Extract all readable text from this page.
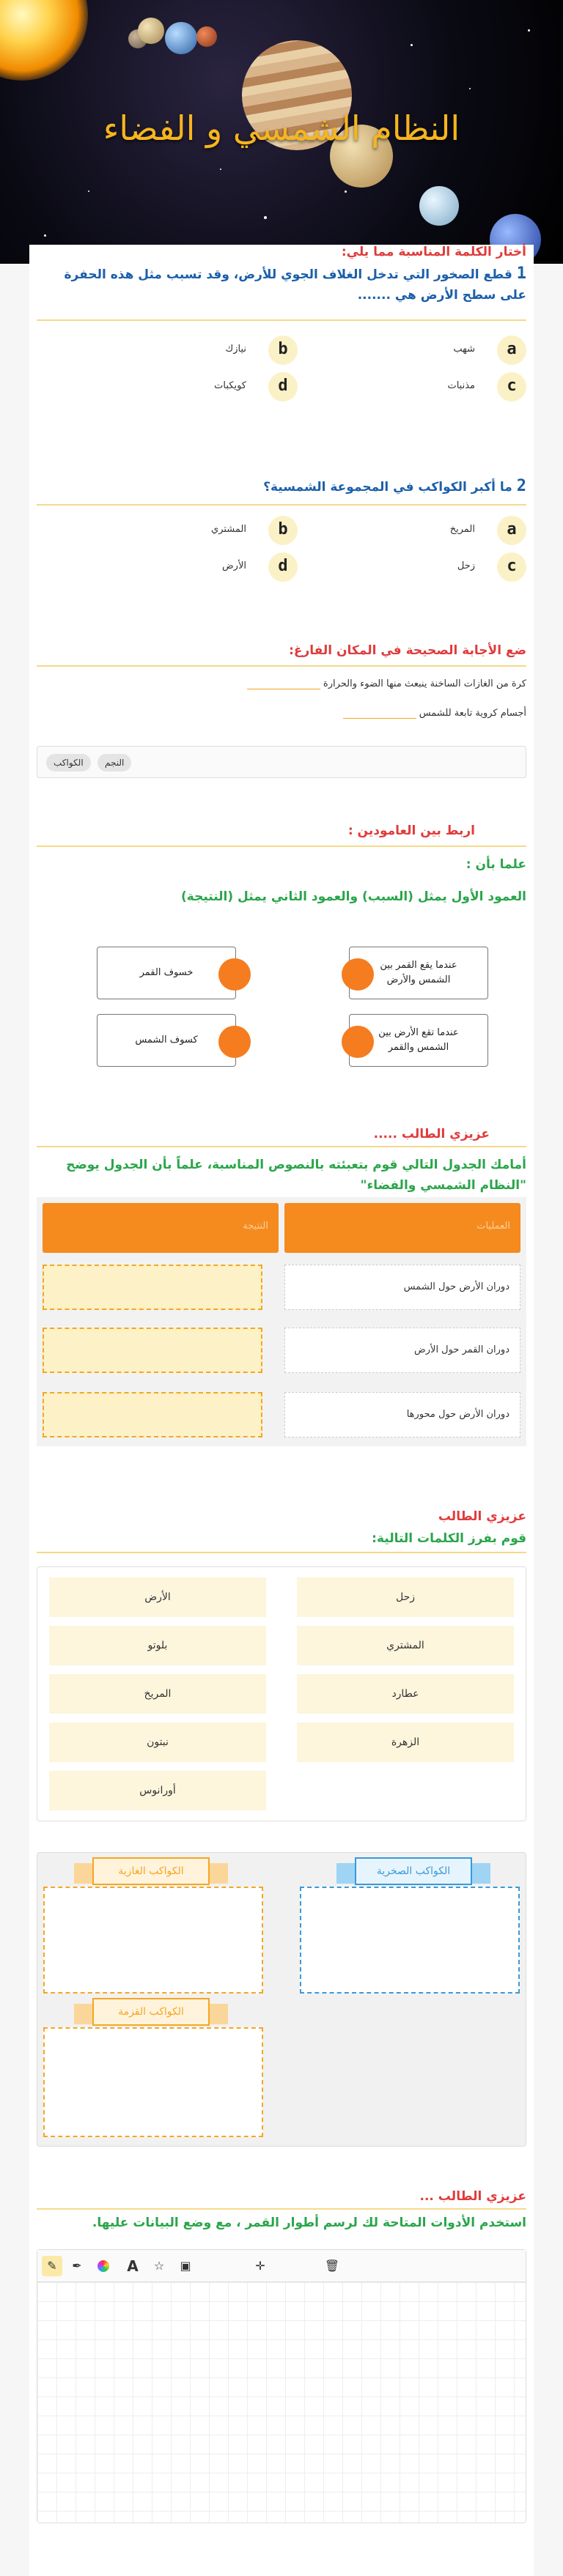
النظام الشمسي و الفضاء
أختار الكلمة المناسبة مما يلي:
1 قطع الصخور التي تدخل الغلاف الجوي للأرض، وقد تسبب مثل هذه الحفرة على سطح الأرض هي .......
a
شهب
b
نيازك
c
مذنبات
d
كويكبات
2 ما أكبر الكواكب في المجموعة الشمسية؟
a
المريخ
b
المشتري
c
زحل
d
الأرض
ضع الأجابة الصحيحة في المكان الفارغ:
كرة من الغازات الساخنة ينبعث منها الضوء والحرارة
أجسام كروية تابعة للشمس
الكواكب	النجم
اربط بين العامودين :
علما بأن :
العمود الأول يمثل (السبب) والعمود الثاني يمثل (النتيجة)
عندما يقع القمر بين الشمس والأرض
خسوف القمر
عندما تقع الأرض بين الشمس والقمر
كسوف الشمس
عزيزي الطالب .....
أمامك الجدول التالي قوم بتعبئته بالنصوص المناسبة، علماً بأن الجدول يوضح "النظام الشمسي والفضاء"
العمليات
النتيجة
دوران الأرض حول الشمس
دوران القمر حول الأرض
دوران الأرض حول محورها
عزيزي الطالب
قوم بفرز الكلمات التالية:
زحل
الأرض
المشتري
بلوتو
عطارد
المريخ
الزهرة
نبتون
أورانوس
الكواكب الصخرية
الكواكب الغازية
الكواكب القزمة
عزيزي الطالب ...
استخدم الأدوات المتاحة لك لرسم أطوار القمر ، مع وضع البيانات عليها.
✎	✒	A	☆	▣	✛	🗑
